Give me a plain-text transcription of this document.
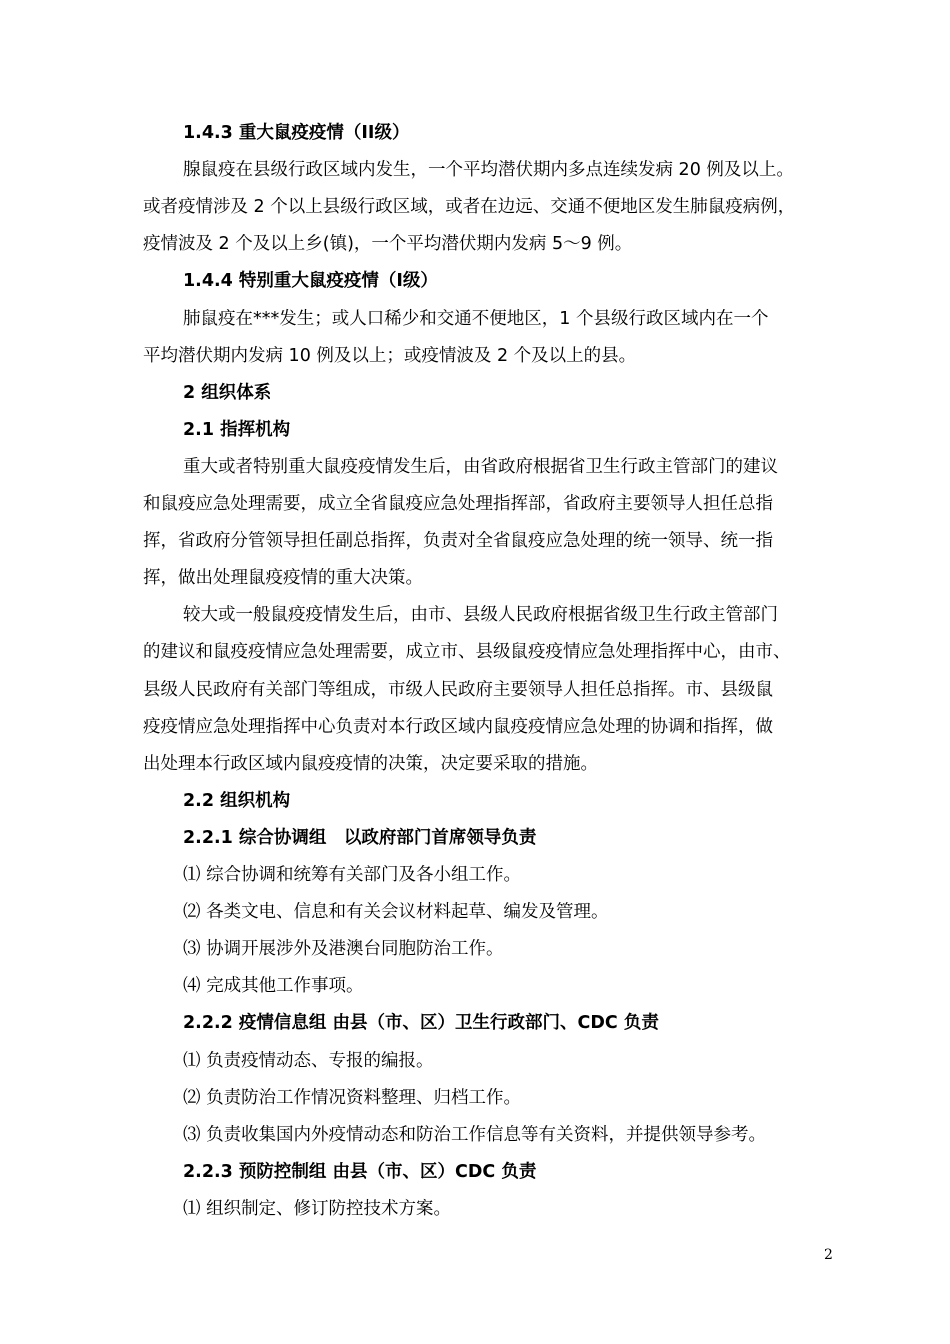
1.4.3 重大鼠疫疫情（II级）
腺鼠疫在县级行政区域内发生，一个平均潜伏期内多点连续发病 20 例及以上。
或者疫情涉及 2 个以上县级行政区域，或者在边远、交通不便地区发生肺鼠疫病例，
疫情波及 2 个及以上乡(镇)，一个平均潜伏期内发病 5～9 例。
1.4.4 特别重大鼠疫疫情（I级）
肺鼠疫在***发生；或人口稀少和交通不便地区，1 个县级行政区域内在一个
平均潜伏期内发病 10 例及以上；或疫情波及 2 个及以上的县。
2 组织体系
2.1 指挥机构
重大或者特别重大鼠疫疫情发生后，由省政府根据省卫生行政主管部门的建议
和鼠疫应急处理需要，成立全省鼠疫应急处理指挥部，省政府主要领导人担任总指
挥，省政府分管领导担任副总指挥，负责对全省鼠疫应急处理的统一领导、统一指
挥，做出处理鼠疫疫情的重大决策。
较大或一般鼠疫疫情发生后，由市、县级人民政府根据省级卫生行政主管部门
的建议和鼠疫疫情应急处理需要，成立市、县级鼠疫疫情应急处理指挥中心，由市、
县级人民政府有关部门等组成，市级人民政府主要领导人担任总指挥。市、县级鼠
疫疫情应急处理指挥中心负责对本行政区域内鼠疫疫情应急处理的协调和指挥，做
出处理本行政区域内鼠疫疫情的决策，决定要采取的措施。
2.2 组织机构
2.2.1 综合协调组　以政府部门首席领导负责
⑴ 综合协调和统筹有关部门及各小组工作。
⑵ 各类文电、信息和有关会议材料起草、编发及管理。
⑶ 协调开展涉外及港澳台同胞防治工作。
⑷ 完成其他工作事项。
2.2.2 疫情信息组 由县（市、区）卫生行政部门、CDC 负责
⑴ 负责疫情动态、专报的编报。
⑵ 负责防治工作情况资料整理、归档工作。
⑶ 负责收集国内外疫情动态和防治工作信息等有关资料，并提供领导参考。
2.2.3 预防控制组 由县（市、区）CDC 负责
⑴ 组织制定、修订防控技术方案。
2
